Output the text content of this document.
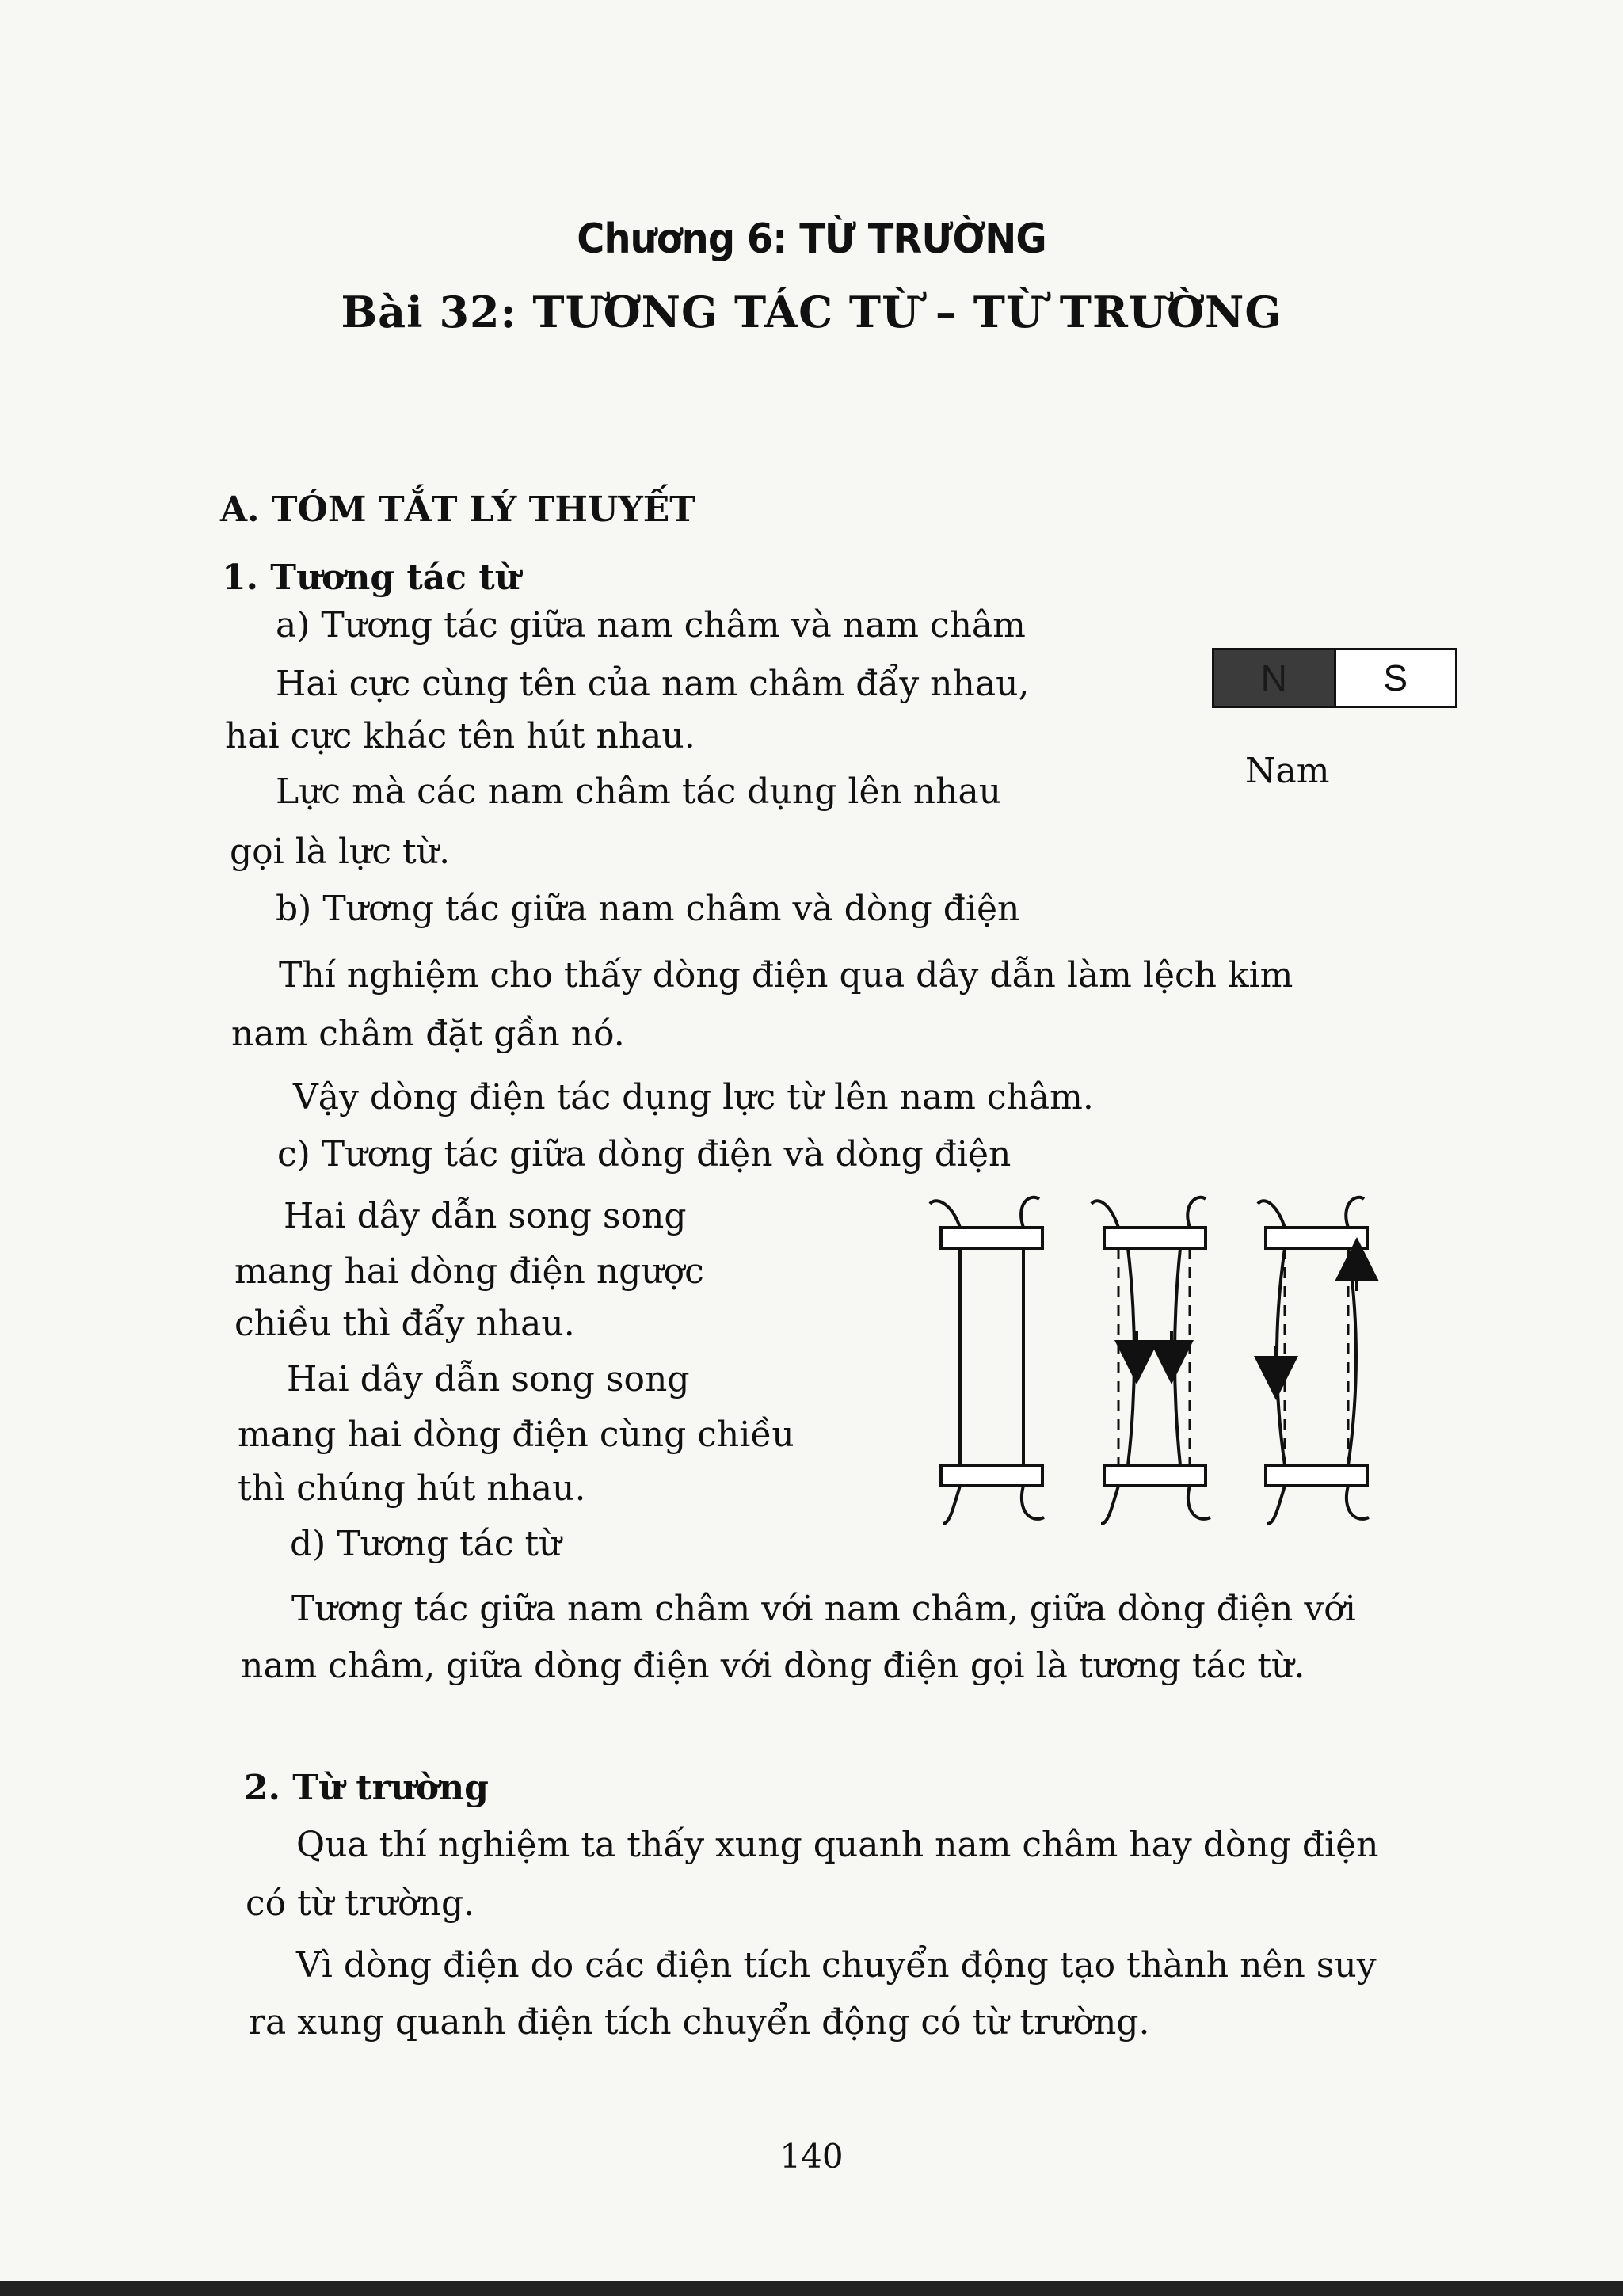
Chương 6: TỪ TRƯỜNG
Bài 32: TƯƠNG TÁC TỪ – TỪ TRƯỜNG
A. TÓM TẮT LÝ THUYẾT
1. Tương tác từ
a) Tương tác giữa nam châm và nam châm
Hai cực cùng tên của nam châm đẩy nhau,
hai cực khác tên hút nhau.
Lực mà các nam châm tác dụng lên nhau
gọi là lực từ.
N	S
Nam
b) Tương tác giữa nam châm và dòng điện
Thí nghiệm cho thấy dòng điện qua dây dẫn làm lệch kim
nam châm đặt gần nó.
Vậy dòng điện tác dụng lực từ lên nam châm.
c) Tương tác giữa dòng điện và dòng điện
Hai dây dẫn song song
mang hai dòng điện ngược
chiều thì đẩy nhau.
Hai dây dẫn song song
mang hai dòng điện cùng chiều
thì chúng hút nhau.
d) Tương tác từ
Tương tác giữa nam châm với nam châm, giữa dòng điện với
nam châm, giữa dòng điện với dòng điện gọi là tương tác từ.
2. Từ trường
Qua thí nghiệm ta thấy xung quanh nam châm hay dòng điện
có từ trường.
Vì dòng điện do các điện tích chuyển động tạo thành nên suy
ra xung quanh điện tích chuyển động có từ trường.
140
